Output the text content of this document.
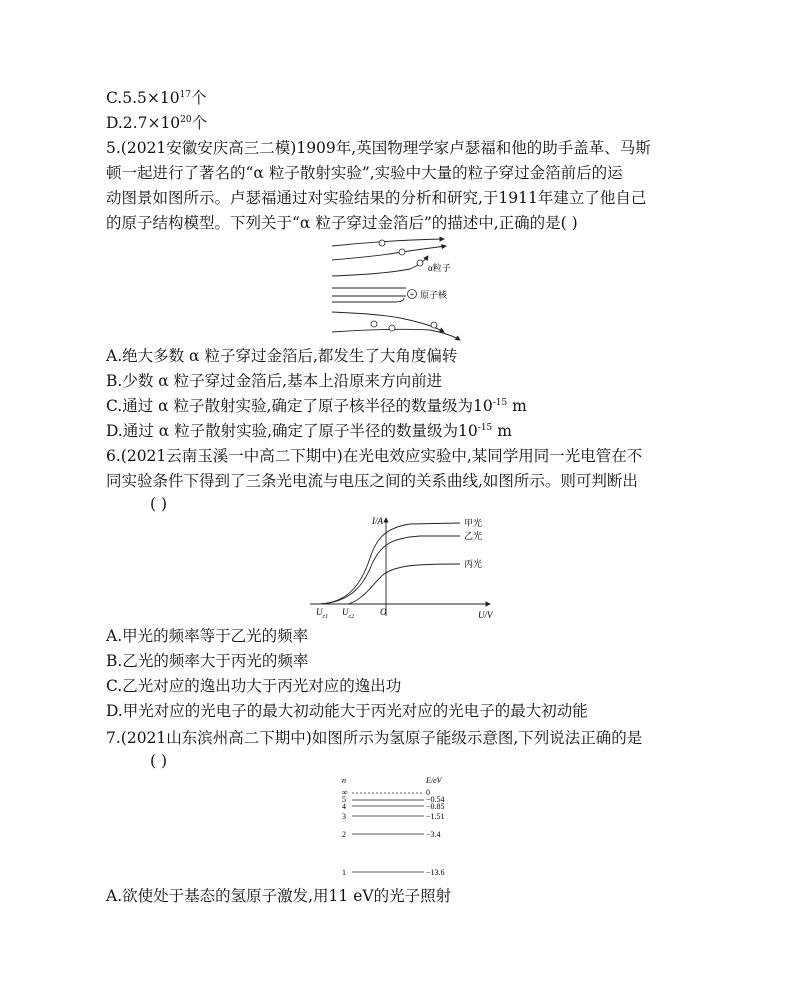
$C.5.5\times 10^{17}$个
$D.2.7\times 10^{20}$个
5.(2021安徽安庆高三二模)1909年,英国物理学家卢瑟福和他的助手盖革、马斯
顿一起进行了著名的“α 粒子散射实验”,实验中大量的粒子穿过金箔前后的运
动图景如图所示。卢瑟福通过对实验结果的分析和研究,于1911年建立了他自己
的原子结构模型。下列关于“α 粒子穿过金箔后”的描述中,正确的是( )
+
α粒子
原子核
A.绝大多数 α 粒子穿过金箔后,都发生了大角度偏转
B.少数 α 粒子穿过金箔后,基本上沿原来方向前进
C.通过 α 粒子散射实验,确定了原子核半径的数量级为$10^{-15}$ m
D.通过 α 粒子散射实验,确定了原子半径的数量级为$10^{-15}$ m
6.(2021云南玉溪一中高二下期中)在光电效应实验中,某同学用同一光电管在不
同实验条件下得到了三条光电流与电压之间的关系曲线,如图所示。则可判断出
( )
I/A
U/V
O
$U_{c1}$ $U_{c2}$
甲光
乙光
丙光
A.甲光的频率等于乙光的频率
B.乙光的频率大于丙光的频率
C.乙光对应的逸出功大于丙光对应的逸出功
D.甲光对应的光电子的最大初动能大于丙光对应的光电子的最大初动能
7.(2021山东滨州高二下期中)如图所示为氢原子能级示意图,下列说法正确的是
( )
n	E/eV
∞	0
5	−0.54
4	−0.85
3	−1.51
2	−3.4
1	−13.6
A.欲使处于基态的氢原子激发,用11 eV的光子照射
